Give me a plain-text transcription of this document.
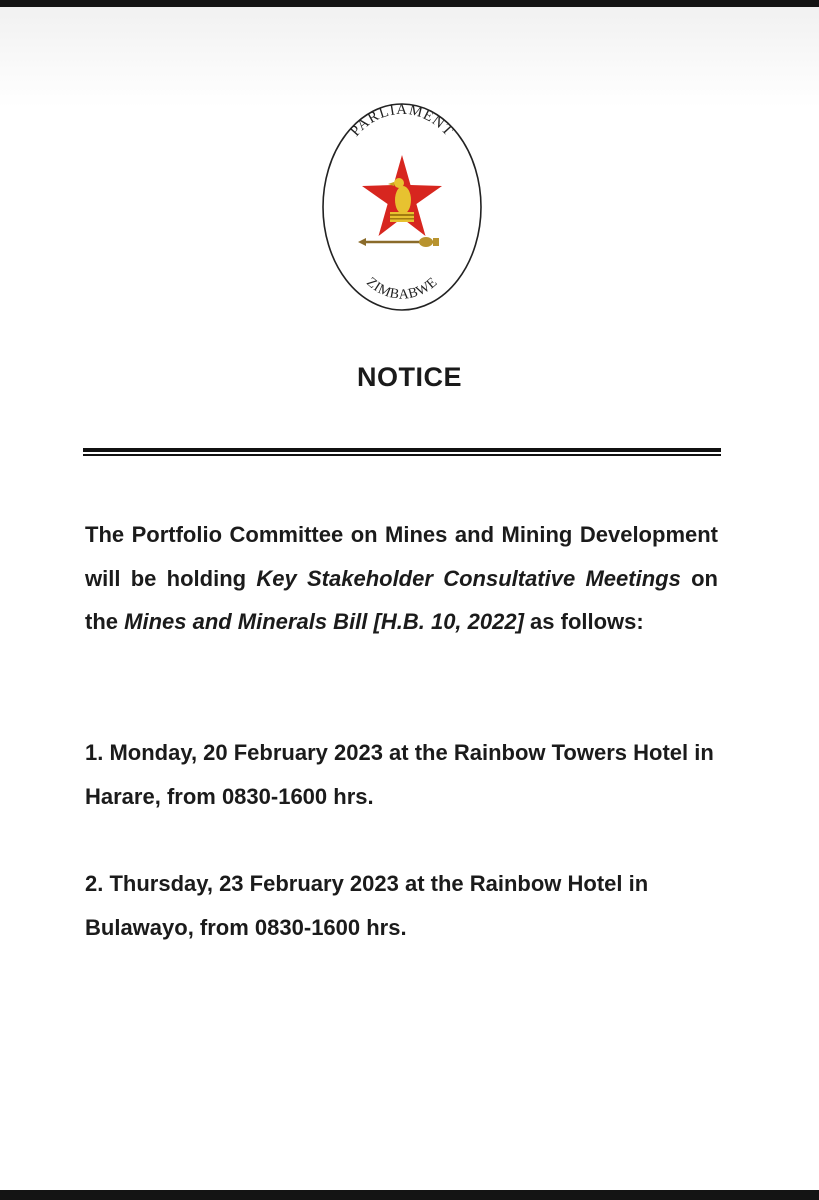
PARLIAMENT
ZIMBABWE
NOTICE
The Portfolio Committee on Mines and Mining Development will be holding Key Stakeholder Consultative Meetings on the Mines and Minerals Bill [H.B. 10, 2022] as follows:
1. Monday, 20 February 2023 at the Rainbow Towers Hotel in Harare, from 0830-1600 hrs.
2. Thursday, 23 February 2023 at the Rainbow Hotel in Bulawayo, from 0830-1600 hrs.
